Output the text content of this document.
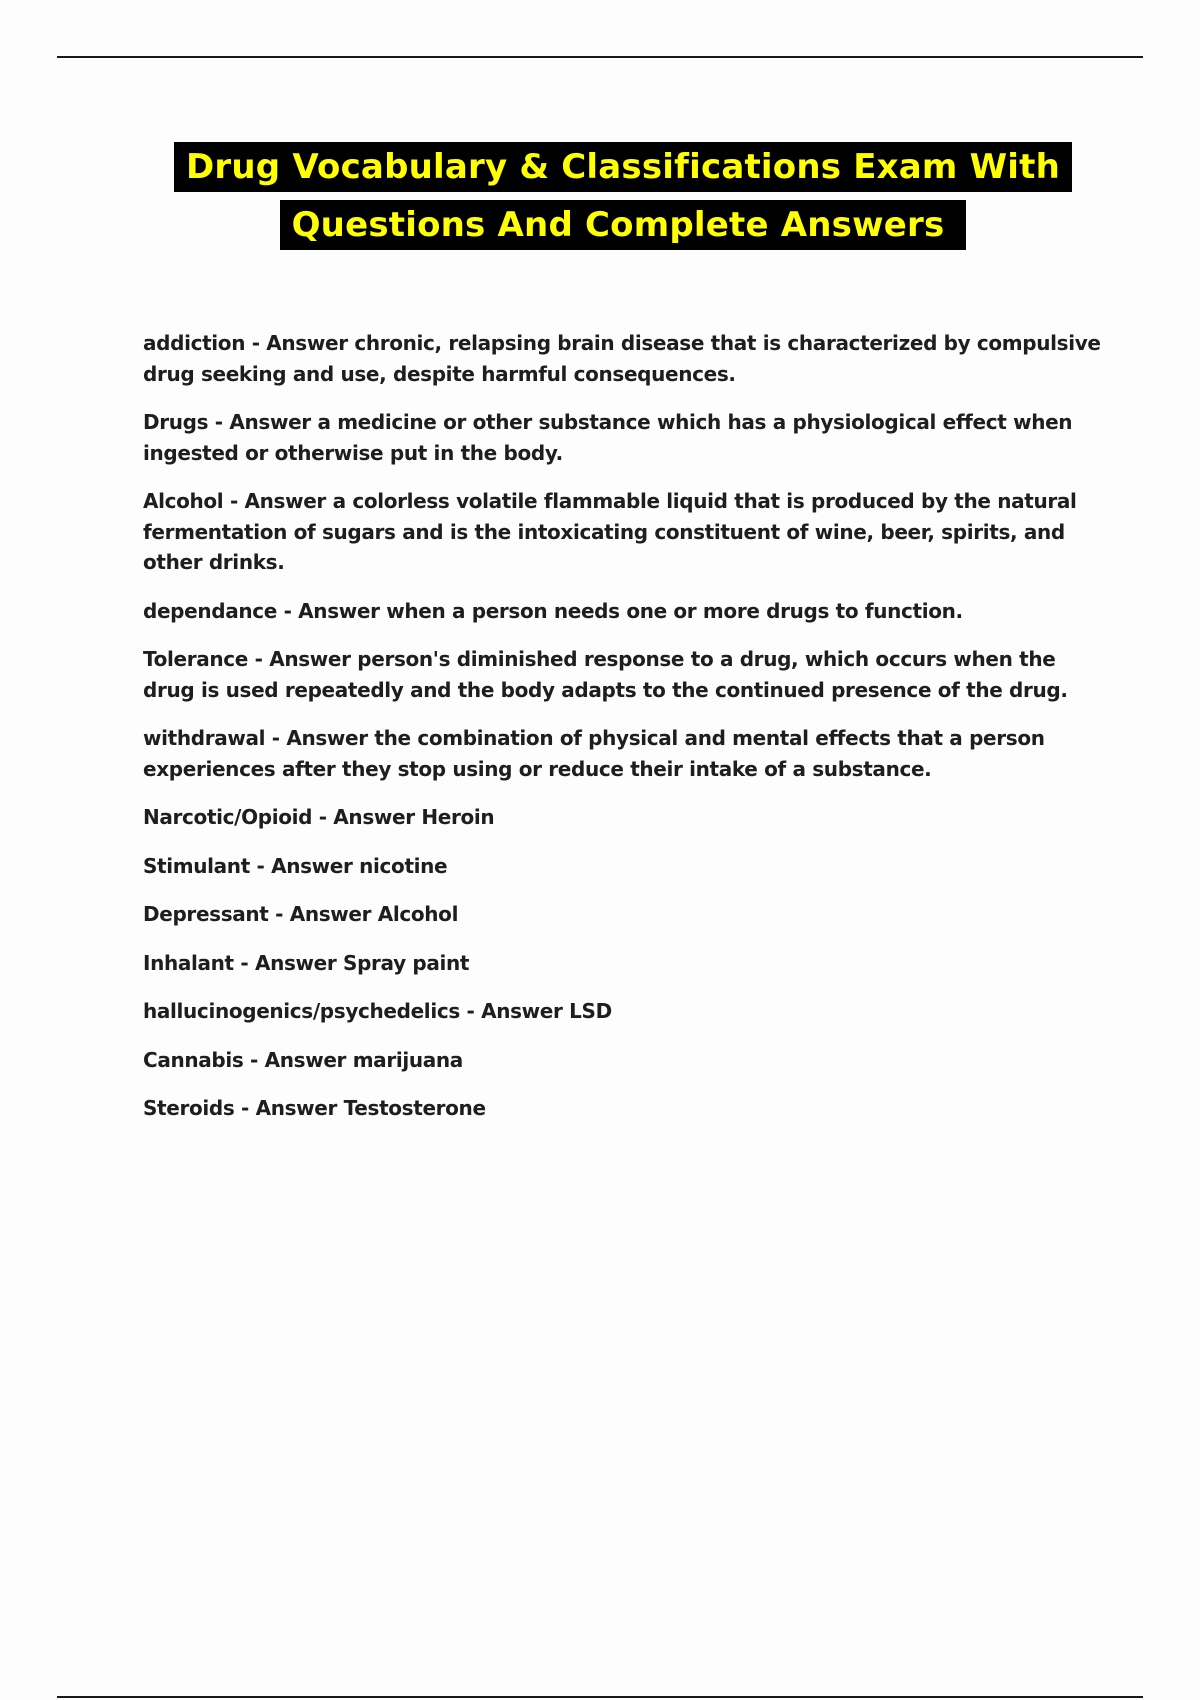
Drug Vocabulary & Classifications Exam With
Questions And Complete Answers
addiction - Answer chronic, relapsing brain disease that is characterized by compulsive drug seeking and use, despite harmful consequences.
Drugs - Answer a medicine or other substance which has a physiological effect when ingested or otherwise put in the body.
Alcohol - Answer a colorless volatile flammable liquid that is produced by the natural fermentation of sugars and is the intoxicating constituent of wine, beer, spirits, and other drinks.
dependance - Answer when a person needs one or more drugs to function.
Tolerance - Answer person's diminished response to a drug, which occurs when the drug is used repeatedly and the body adapts to the continued presence of the drug.
withdrawal - Answer the combination of physical and mental effects that a person experiences after they stop using or reduce their intake of a substance.
Narcotic/Opioid - Answer Heroin
Stimulant - Answer nicotine
Depressant - Answer Alcohol
Inhalant - Answer Spray paint
hallucinogenics/psychedelics - Answer LSD
Cannabis - Answer marijuana
Steroids - Answer Testosterone
